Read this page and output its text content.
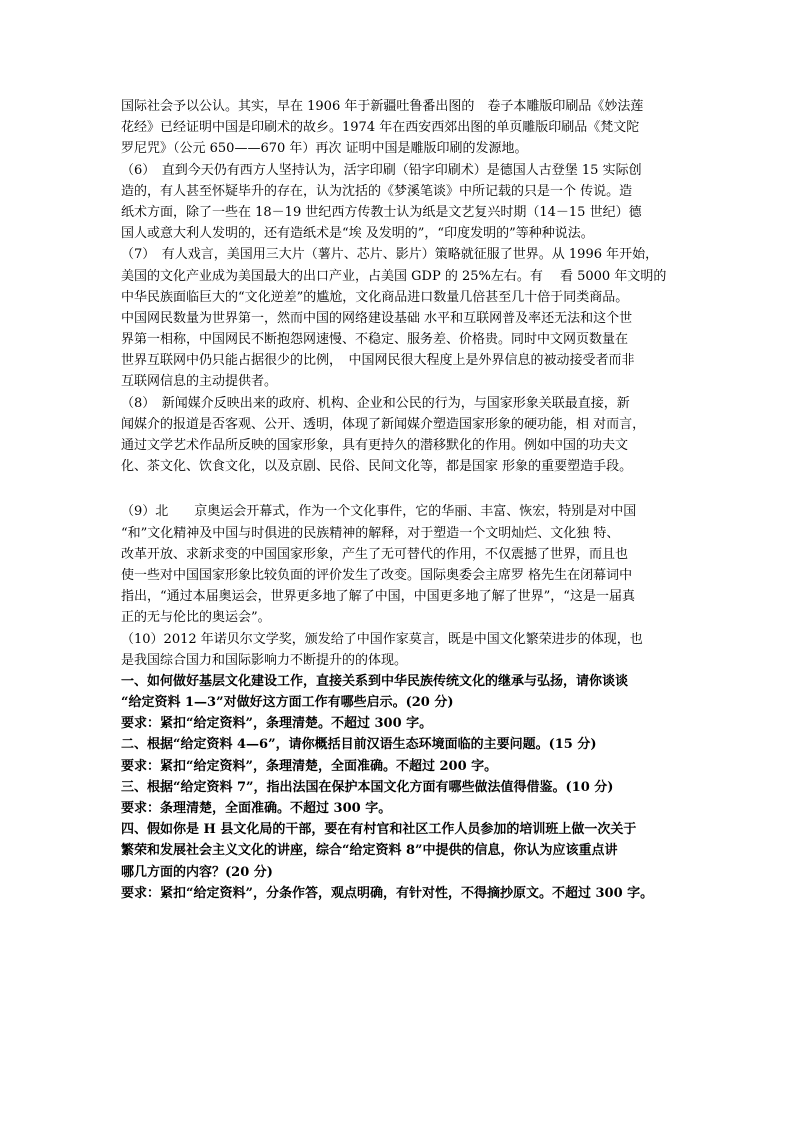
国际社会予以公认。其实，早在 1906 年于新疆吐鲁番出图的　卷子本雕版印刷品《妙法莲
花经》已经证明中国是印刷术的故乡。1974 年在西安西郊出图的单页雕版印刷品《梵文陀
罗尼咒》（公元 650——670 年）再次 证明中国是雕版印刷的发源地。
（6）　直到今天仍有西方人坚持认为，活字印刷（铅字印刷术）是德国人古登堡 15 实际创
造的，有人甚至怀疑毕升的存在，认为沈括的《梦溪笔谈》中所记载的只是一个 传说。造
纸术方面，除了一些在 18－19 世纪西方传教士认为纸是文艺复兴时期（14－15 世纪）德
国人或意大利人发明的，还有造纸术是“埃 及发明的”，“印度发明的”等种种说法。
（7）　有人戏言，美国用三大片（薯片、芯片、影片）策略就征服了世界。从 1996 年开始，
美国的文化产业成为美国最大的出口产业，占美国 GDP 的 25%左右。有　 看 5000 年文明的
中华民族面临巨大的“文化逆差”的尴尬，文化商品进口数量几倍甚至几十倍于同类商品。
中国网民数量为世界第一，然而中国的网络建设基础 水平和互联网普及率还无法和这个世
界第一相称，中国网民不断抱怨网速慢、不稳定、服务差、价格贵。同时中文网页数量在
世界互联网中仍只能占据很少的比例，　中国网民很大程度上是外界信息的被动接受者而非
互联网信息的主动提供者。
（8）　新闻媒介反映出来的政府、机构、企业和公民的行为，与国家形象关联最直接，新
闻媒介的报道是否客观、公开、透明，体现了新闻媒介塑造国家形象的硬功能，相 对而言，
通过文学艺术作品所反映的国家形象，具有更持久的潜移默化的作用。例如中国的功夫文
化、茶文化、饮食文化，以及京剧、民俗、民间文化等，都是国家 形象的重要塑造手段。
（9）北　　京奥运会开幕式，作为一个文化事件，它的华丽、丰富、恢宏，特别是对中国
“和”文化精神及中国与时俱进的民族精神的解释，对于塑造一个文明灿烂、文化独 特、
改革开放、求新求变的中国国家形象，产生了无可替代的作用，不仅震撼了世界，而且也
使一些对中国国家形象比较负面的评价发生了改变。国际奥委会主席罗 格先生在闭幕词中
指出，“通过本届奥运会，世界更多地了解了中国，中国更多地了解了世界”，“这是一届真
正的无与伦比的奥运会”。
（10）2012 年诺贝尔文学奖，颁发给了中国作家莫言，既是中国文化繁荣进步的体现，也
是我国综合国力和国际影响力不断提升的的体现。
一、如何做好基层文化建设工作，直接关系到中华民族传统文化的继承与弘扬，请你谈谈
“给定资料 1—3”对做好这方面工作有哪些启示。(20 分)
要求：紧扣“给定资料”，条理清楚。不超过 300 字。
二、根据“给定资料 4—6”，请你概括目前汉语生态环境面临的主要问题。(15 分)
要求：紧扣“给定资料”，条理清楚，全面准确。不超过 200 字。
三、根据“给定资料 7”，指出法国在保护本国文化方面有哪些做法值得借鉴。(10 分)
要求：条理清楚，全面准确。不超过 300 字。
四、假如你是 H 县文化局的干部，要在有村官和社区工作人员参加的培训班上做一次关于
繁荣和发展社会主义文化的讲座，综合“给定资料 8”中提供的信息，你认为应该重点讲
哪几方面的内容？(20 分)
要求：紧扣“给定资料”，分条作答，观点明确，有针对性，不得摘抄原文。不超过 300 字。
